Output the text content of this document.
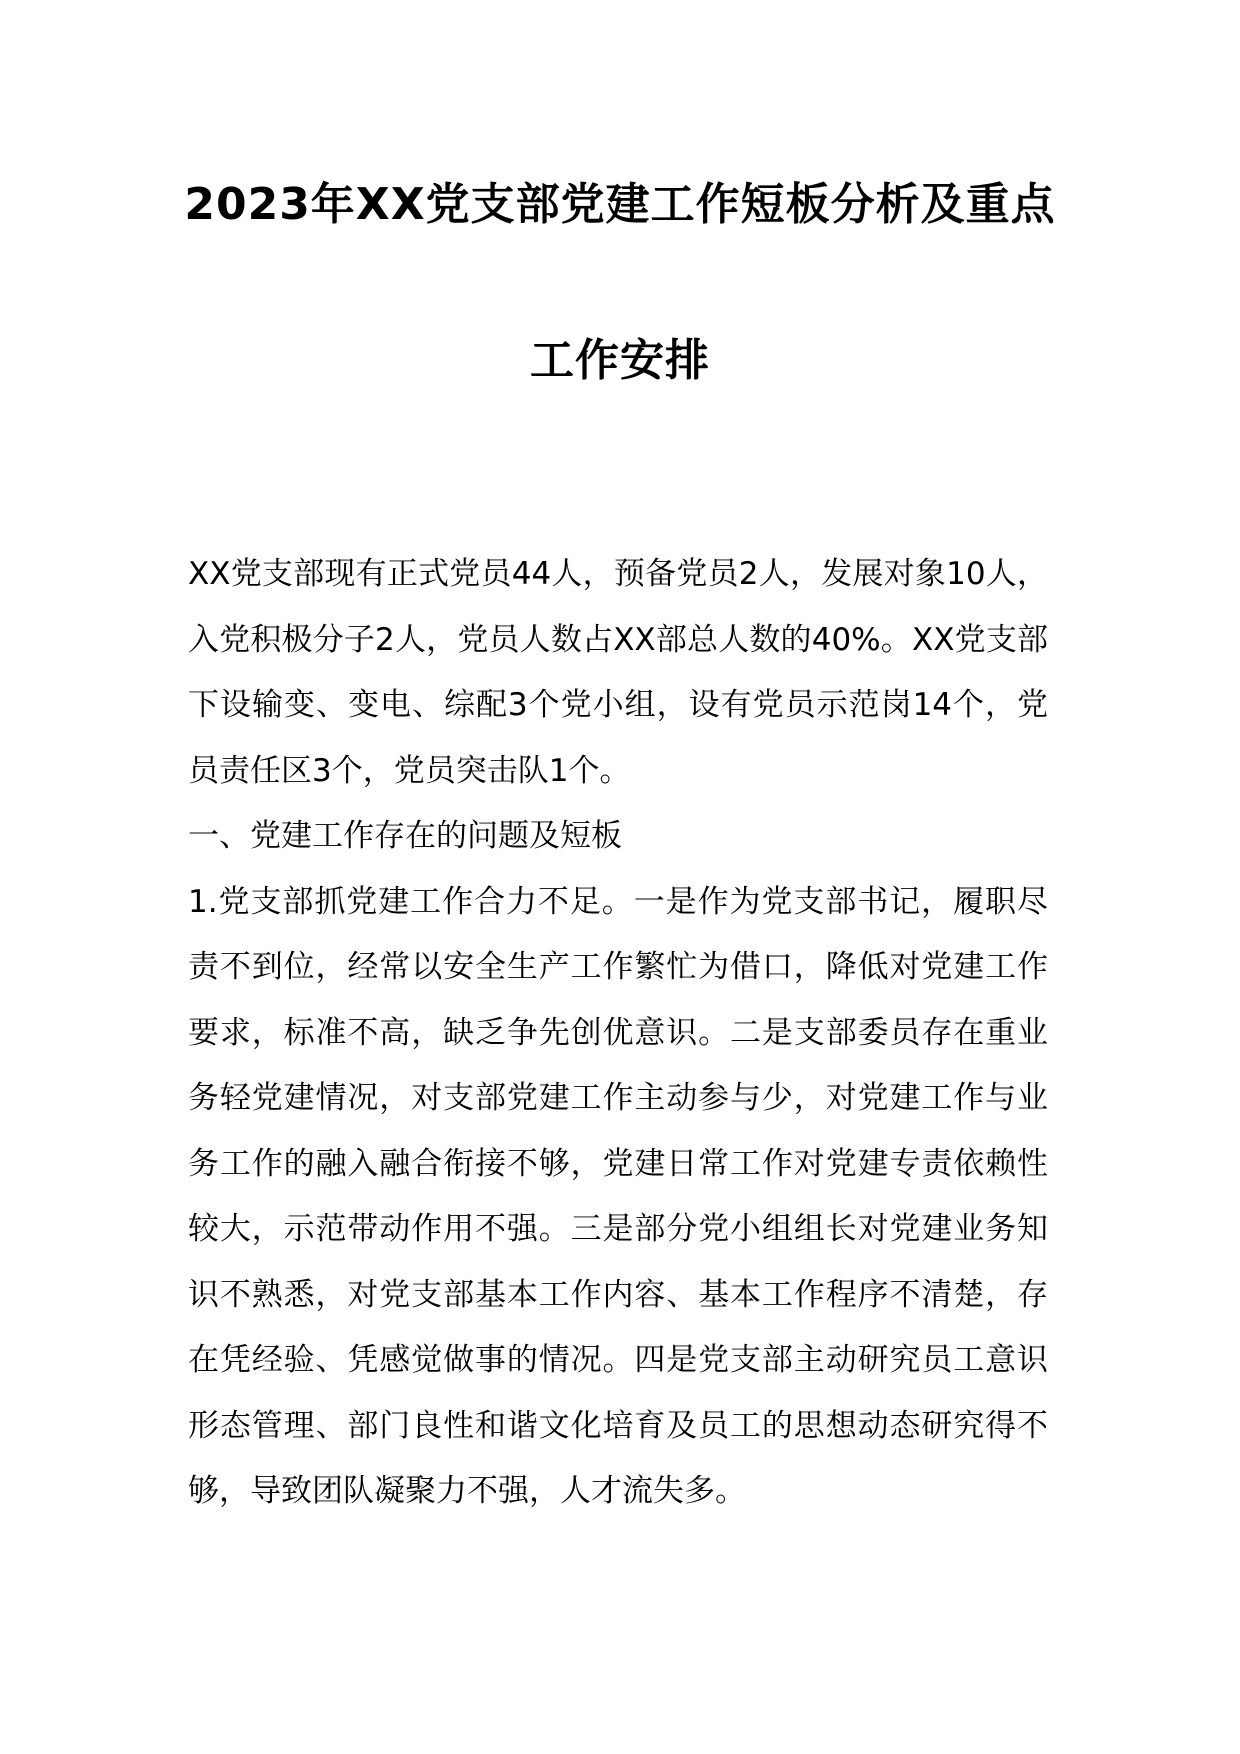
2023年XX党支部党建工作短板分析及重点

工作安排

XX党支部现有正式党员44人，预备党员2人，发展对象10人，入党积极分子2人，党员人数占XX部总人数的40%。XX党支部下设输变、变电、综配3个党小组，设有党员示范岗14个，党员责任区3个，党员突击队1个。

一、党建工作存在的问题及短板

1.党支部抓党建工作合力不足。一是作为党支部书记，履职尽责不到位，经常以安全生产工作繁忙为借口，降低对党建工作要求，标准不高，缺乏争先创优意识。二是支部委员存在重业务轻党建情况，对支部党建工作主动参与少，对党建工作与业务工作的融入融合衔接不够，党建日常工作对党建专责依赖性较大，示范带动作用不强。三是部分党小组组长对党建业务知识不熟悉，对党支部基本工作内容、基本工作程序不清楚，存在凭经验、凭感觉做事的情况。四是党支部主动研究员工意识形态管理、部门良性和谐文化培育及员工的思想动态研究得不够，导致团队凝聚力不强，人才流失多。
